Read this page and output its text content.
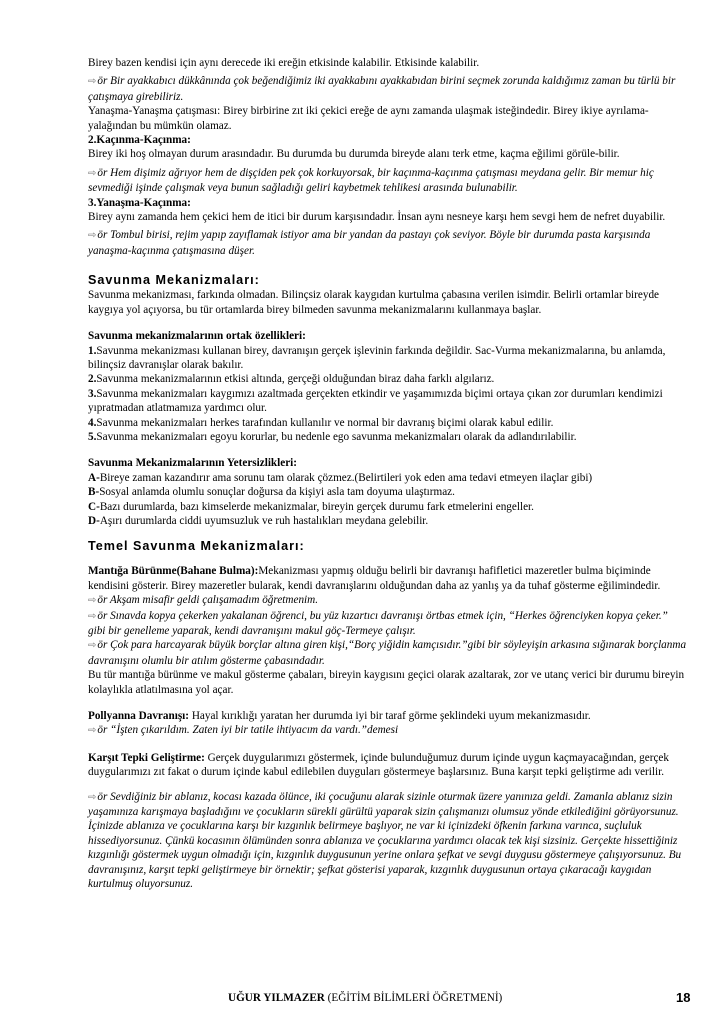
Birey bazen kendisi için aynı derecede iki ereğin etkisinde kalabilir. Etkisinde kalabilir.

⇨ör Bir ayakkabıcı dükkânında çok beğendiğimiz iki ayakkabını ayakkabıdan birini seçmek zorunda kaldığımız zaman bu türlü bir çatışmaya girebiliriz.

Yanaşma-Yanaşma çatışması: Birey birbirine zıt iki çekici ereğe de aynı zamanda ulaşmak isteğindedir. Birey ikiye ayrılama-yalağından bu mümkün olamaz.

2.Kaçınma-Kaçınma:

Birey iki hoş olmayan durum arasındadır. Bu durumda bu durumda bireyde alanı terk etme, kaçma eğilimi görüle-bilir.

⇨ör Hem dişimiz ağrıyor hem de dişçiden pek çok korkuyorsak, bir kaçınma-kaçınma çatışması meydana gelir. Bir memur hiç sevmediği işinde çalışmak veya bunun sağladığı geliri kaybetmek tehlikesi arasında bulunabilir.

3.Yanaşma-Kaçınma:

Birey aynı zamanda hem çekici hem de itici bir durum karşısındadır. İnsan aynı nesneye karşı hem sevgi hem de nefret duyabilir.

⇨ör Tombul birisi, rejim yapıp zayıflamak istiyor ama bir yandan da pastayı çok seviyor. Böyle bir durumda pasta karşısında yanaşma-kaçınma çatışmasına düşer.

Savunma Mekanizmaları:

Savunma mekanizması, farkında olmadan. Bilinçsiz olarak kaygıdan kurtulma çabasına verilen isimdir. Belirli ortamlar bireyde kaygıya yol açıyorsa, bu tür ortamlarda birey bilmeden savunma mekanizmalarını kullanmaya başlar.

Savunma mekanizmalarının ortak özellikleri:

1.Savunma mekanizması kullanan birey, davranışın gerçek işlevinin farkında değildir. Sac-Vurma mekanizmalarına, bu anlamda, bilinçsiz davranışlar olarak bakılır.

2.Savunma mekanizmalarının etkisi altında, gerçeği olduğundan biraz daha farklı algılarız.

3.Savunma mekanizmaları kaygımızı azaltmada gerçekten etkindir ve yaşamımızda biçimi ortaya çıkan zor durumları kendimizi yıpratmadan atlatmamıza yardımcı olur.

4.Savunma mekanizmaları herkes tarafından kullanılır ve normal bir davranış biçimi olarak kabul edilir.

5.Savunma mekanizmaları egoyu korurlar, bu nedenle ego savunma mekanizmaları olarak da adlandırılabilir.

Savunma Mekanizmalarının Yetersizlikleri:

A-Bireye zaman kazandırır ama sorunu tam olarak çözmez.(Belirtileri yok eden ama tedavi etmeyen ilaçlar gibi)

B-Sosyal anlamda olumlu sonuçlar doğursa da kişiyi asla tam doyuma ulaştırmaz.

C-Bazı durumlarda, bazı kimselerde mekanizmalar, bireyin gerçek durumu fark etmelerini engeller.

D-Aşırı durumlarda ciddi uyumsuzluk ve ruh hastalıkları meydana gelebilir.

Temel Savunma Mekanizmaları:

Mantığa Bürünme(Bahane Bulma):Mekanizması yapmış olduğu belirli bir davranışı hafifletici mazeretler bulma biçiminde kendisini gösterir. Birey mazeretler bularak, kendi davranışlarını olduğundan daha az yanlış ya da tuhaf gösterme eğilimindedir.

⇨ör Akşam misafir geldi çalışamadım öğretmenim.

⇨ör Sınavda kopya çekerken yakalanan öğrenci, bu yüz kızartıcı davranışı örtbas etmek için, “Herkes öğrenciyken kopya çeker.” gibi bir genelleme yaparak, kendi davranışını makul göç-Termeye çalışır.

⇨ör Çok para harcayarak büyük borçlar altına giren kişi,“Borç yiğidin kamçısıdır.”gibi bir söyleyişin arkasına sığınarak borçlanma davranışını olumlu bir atılım gösterme çabasındadır.

Bu tür mantığa bürünme ve makul gösterme çabaları, bireyin kaygısını geçici olarak azaltarak, zor ve utanç verici bir durumu bireyin kolaylıkla atlatılmasına yol açar.

Pollyanna Davranışı: Hayal kırıklığı yaratan her durumda iyi bir taraf görme şeklindeki uyum mekanizmasıdır.

⇨ör “İşten çıkarıldım. Zaten iyi bir tatile ihtiyacım da vardı.”demesi

Karşıt Tepki Geliştirme: Gerçek duygularımızı göstermek, içinde bulunduğumuz durum içinde uygun kaçmayacağından, gerçek duygularımızı zıt fakat o durum içinde kabul edilebilen duyguları göstermeye başlarsınız. Buna karşıt tepki geliştirme adı verilir.

⇨ör Sevdiğiniz bir ablanız, kocası kazada ölünce, iki çocuğunu alarak sizinle oturmak üzere yanınıza geldi. Zamanla ablanız sizin yaşamınıza karışmaya başladığını ve çocukların sürekli gürültü yaparak sizin çalışmanızı olumsuz yönde etkilediğini görüyorsunuz. İçinizde ablanıza ve çocuklarına karşı bir kızgınlık belirmeye başlıyor, ne var ki içinizdeki öfkenin farkına varınca, suçluluk hissediyorsunuz. Çünkü kocasının ölümünden sonra ablanıza ve çocuklarına yardımcı olacak tek kişi sizsiniz. Gerçekte hissettiğiniz kızgınlığı göstermek uygun olmadığı için, kızgınlık duygusunun yerine onlara şefkat ve sevgi duygusu göstermeye çalışıyorsunuz. Bu davranışınız, karşıt tepki geliştirmeye bir örnektir; şefkat gösterisi yaparak, kızgınlık duygusunun ortaya çıkaracağı kaygıdan kurtulmuş oluyorsunuz.

UĞUR YILMAZER (EĞİTİM BİLİMLERİ ÖĞRETMENİ)	18
